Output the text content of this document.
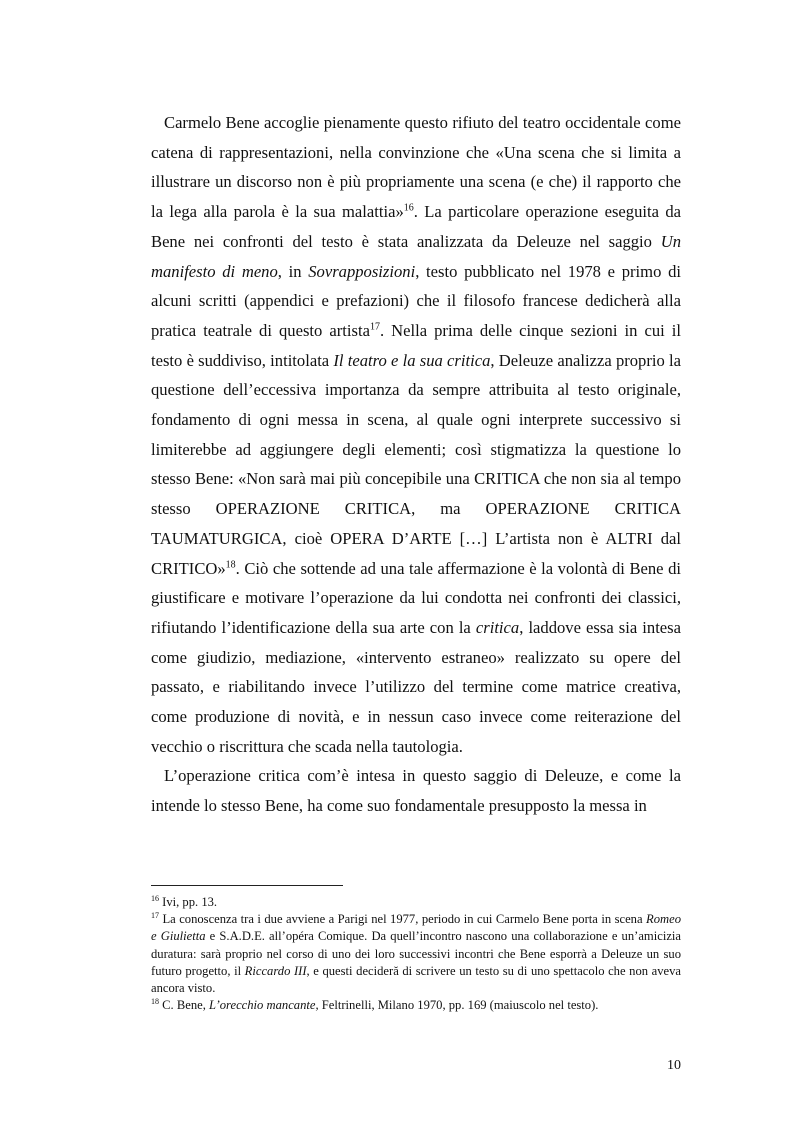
Carmelo Bene accoglie pienamente questo rifiuto del teatro occidentale come catena di rappresentazioni, nella convinzione che «Una scena che si limita a illustrare un discorso non è più propriamente una scena (e che) il rapporto che la lega alla parola è la sua malattia»$^{16}$. La particolare operazione eseguita da Bene nei confronti del testo è stata analizzata da Deleuze nel saggio Un manifesto di meno, in Sovrapposizioni, testo pubblicato nel 1978 e primo di alcuni scritti (appendici e prefazioni) che il filosofo francese dedicherà alla pratica teatrale di questo artista$^{17}$. Nella prima delle cinque sezioni in cui il testo è suddiviso, intitolata Il teatro e la sua critica, Deleuze analizza proprio la questione dell’eccessiva importanza da sempre attribuita al testo originale, fondamento di ogni messa in scena, al quale ogni interprete successivo si limiterebbe ad aggiungere degli elementi; così stigmatizza la questione lo stesso Bene: «Non sarà mai più concepibile una CRITICA che non sia al tempo stesso OPERAZIONE CRITICA, ma OPERAZIONE CRITICA TAUMATURGICA, cioè OPERA D’ARTE […] L’artista non è ALTRI dal CRITICO»$^{18}$. Ciò che sottende ad una tale affermazione è la volontà di Bene di giustificare e motivare l’operazione da lui condotta nei confronti dei classici, rifiutando l’identificazione della sua arte con la critica, laddove essa sia intesa come giudizio, mediazione, «intervento estraneo» realizzato su opere del passato, e riabilitando invece l’utilizzo del termine come matrice creativa, come produzione di novità, e in nessun caso invece come reiterazione del vecchio o riscrittura che scada nella tautologia.

L’operazione critica com’è intesa in questo saggio di Deleuze, e come la intende lo stesso Bene, ha come suo fondamentale presupposto la messa in

$^{16}$ Ivi, pp. 13.

$^{17}$ La conoscenza tra i due avviene a Parigi nel 1977, periodo in cui Carmelo Bene porta in scena Romeo e Giulietta e S.A.D.E. all’opéra Comique. Da quell’incontro nascono una collaborazione e un’amicizia duratura: sarà proprio nel corso di uno dei loro successivi incontri che Bene esporrà a Deleuze un suo futuro progetto, il Riccardo III, e questi decideră di scrivere un testo su di uno spettacolo che non aveva ancora visto.

$^{18}$ C. Bene, L’orecchio mancante, Feltrinelli, Milano 1970, pp. 169 (maiuscolo nel testo).

10
